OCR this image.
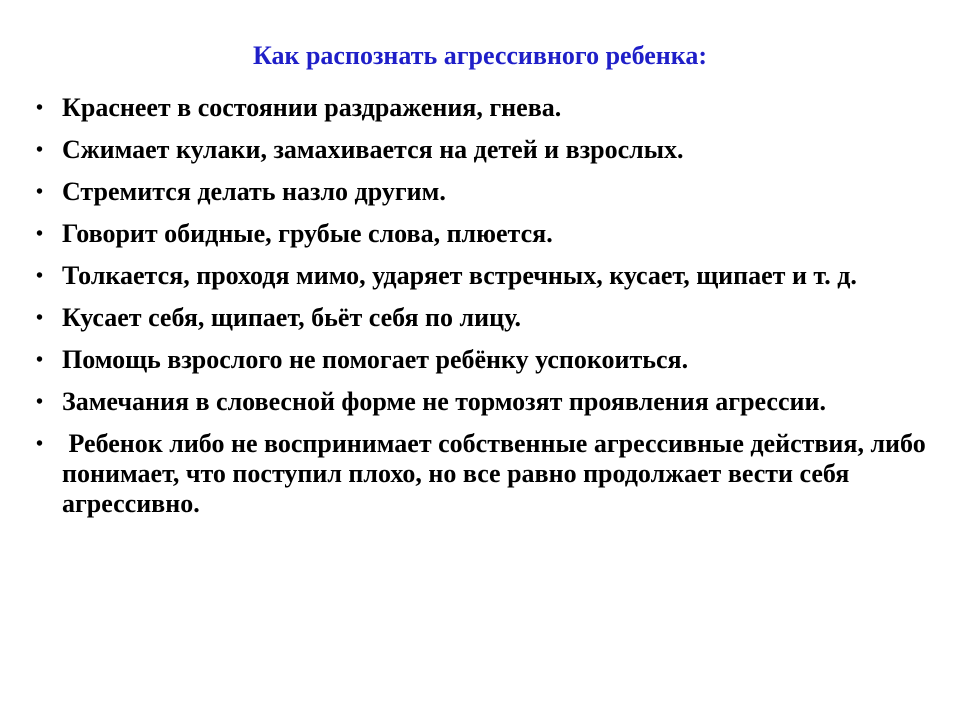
Как распознать агрессивного ребенка:
• Краснеет в состоянии раздражения, гнева.
• Сжимает кулаки, замахивается на детей и взрослых.
• Стремится делать назло другим.
• Говорит обидные, грубые слова, плюется.
• Толкается, проходя мимо, ударяет встречных, кусает, щипает и т. д.
• Кусает себя, щипает, бьёт себя по лицу.
• Помощь взрослого не помогает ребёнку успокоиться.
• Замечания в словесной форме не тормозят проявления агрессии.
• Ребенок либо не воспринимает собственные агрессивные действия, либо понимает, что поступил плохо, но все равно продолжает вести себя агрессивно.
